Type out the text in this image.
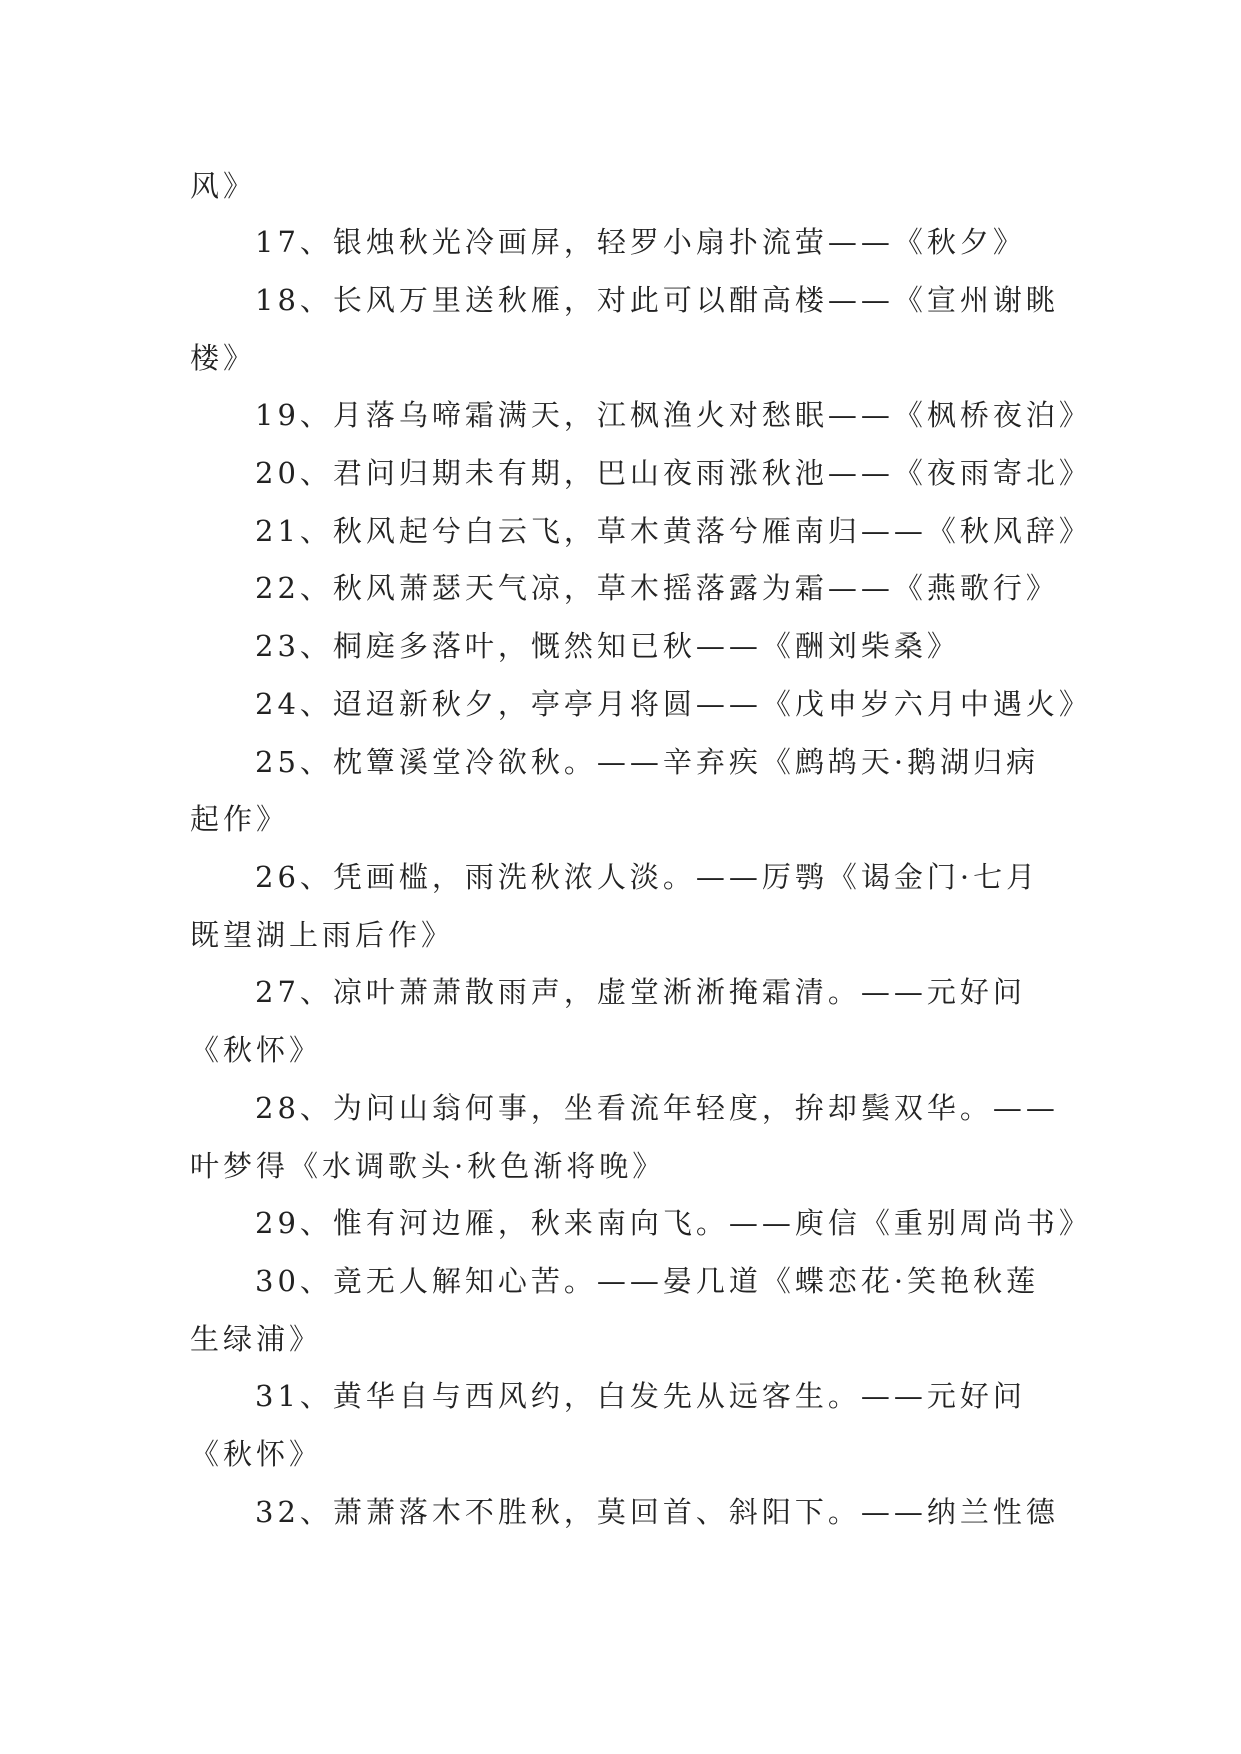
风》
17、银烛秋光冷画屏，轻罗小扇扑流萤——《秋夕》
18、长风万里送秋雁，对此可以酣高楼——《宣州谢眺
楼》
19、月落乌啼霜满天，江枫渔火对愁眠——《枫桥夜泊》
20、君问归期未有期，巴山夜雨涨秋池——《夜雨寄北》
21、秋风起兮白云飞，草木黄落兮雁南归——《秋风辞》
22、秋风萧瑟天气凉，草木摇落露为霜——《燕歌行》
23、桐庭多落叶，慨然知已秋——《酬刘柴桑》
24、迢迢新秋夕，亭亭月将圆——《戊申岁六月中遇火》
25、枕簟溪堂冷欲秋。——辛弃疾《鹧鸪天·鹅湖归病
起作》
26、凭画槛，雨洗秋浓人淡。——厉鹗《谒金门·七月
既望湖上雨后作》
27、凉叶萧萧散雨声，虚堂淅淅掩霜清。——元好问
《秋怀》
28、为问山翁何事，坐看流年轻度，拚却鬓双华。——
叶梦得《水调歌头·秋色渐将晚》
29、惟有河边雁，秋来南向飞。——庾信《重别周尚书》
30、竟无人解知心苦。——晏几道《蝶恋花·笑艳秋莲
生绿浦》
31、黄华自与西风约，白发先从远客生。——元好问
《秋怀》
32、萧萧落木不胜秋，莫回首、斜阳下。——纳兰性德
